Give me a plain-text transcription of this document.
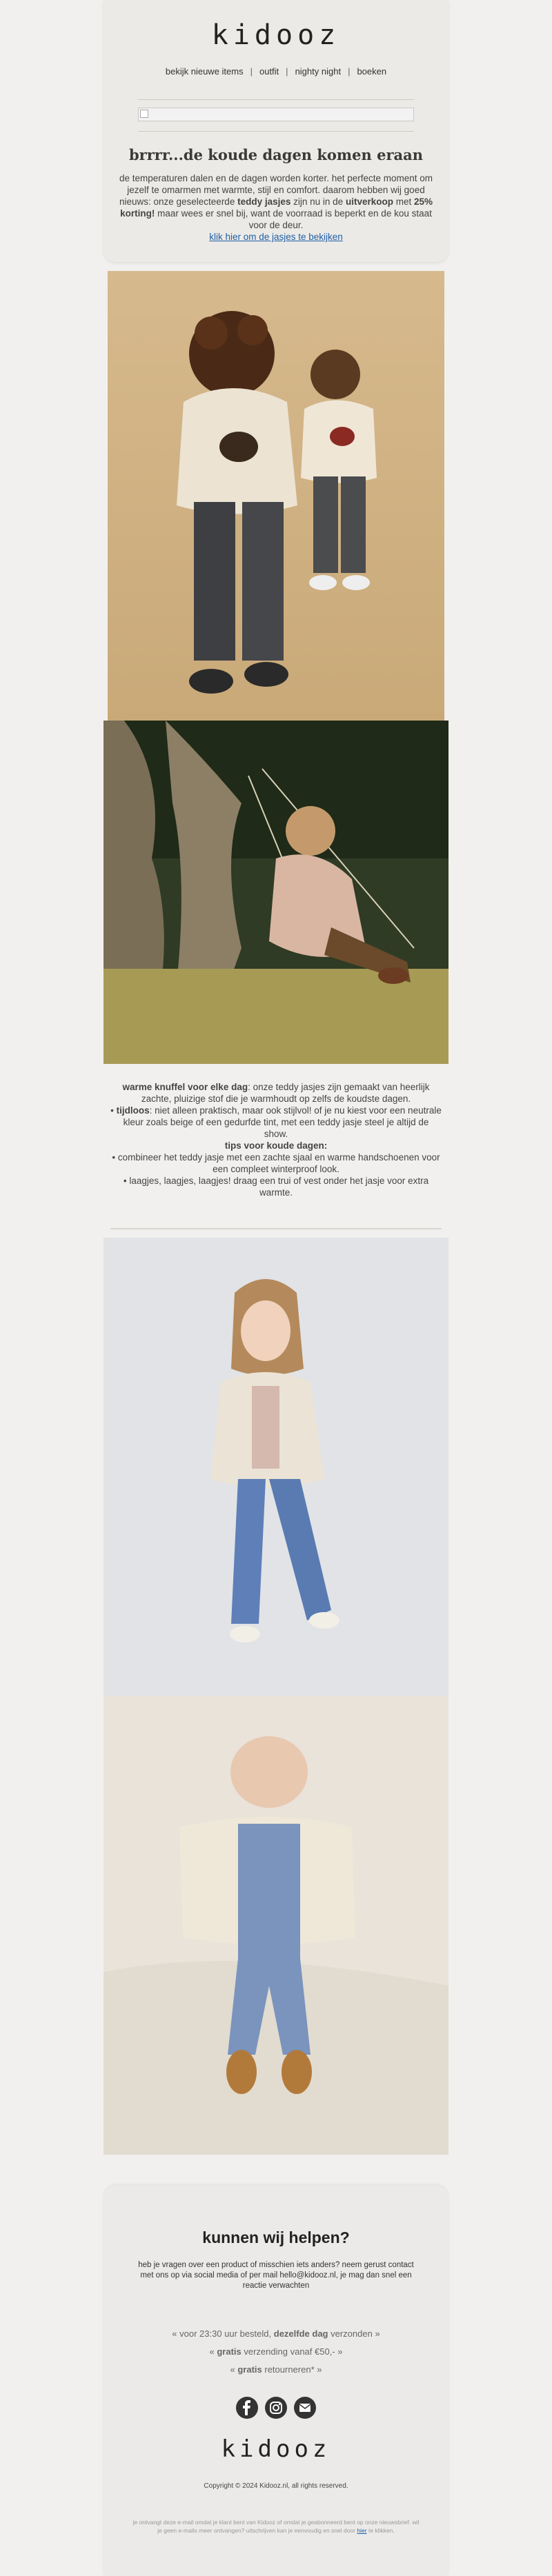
kidooz
bekijk nieuwe items | outfit | nighty night | boeken
brrrr...de koude dagen komen eraan
de temperaturen dalen en de dagen worden korter. het perfecte moment om jezelf te omarmen met warmte, stijl en comfort. daarom hebben wij goed nieuws: onze geselecteerde teddy jasjes zijn nu in de uitverkoop met 25% korting! maar wees er snel bij, want de voorraad is beperkt en de kou staat voor de deur.
klik hier om de jasjes te bekijken
warme knuffel voor elke dag: onze teddy jasjes zijn gemaakt van heerlijk zachte, pluizige stof die je warmhoudt op zelfs de koudste dagen.
• tijdloos: niet alleen praktisch, maar ook stijlvol! of je nu kiest voor een neutrale kleur zoals beige of een gedurfde tint, met een teddy jasje steel je altijd de show.
tips voor koude dagen:
• combineer het teddy jasje met een zachte sjaal en warme handschoenen voor een compleet winterproof look.
• laagjes, laagjes, laagjes! draag een trui of vest onder het jasje voor extra warmte.
kunnen wij helpen?
heb je vragen over een product of misschien iets anders? neem gerust contact met ons op via social media of per mail hello@kidooz.nl, je mag dan snel een reactie verwachten
« voor 23:30 uur besteld, dezelfde dag verzonden »
« gratis verzending vanaf €50,- »
« gratis retourneren* »

kidooz
Copyright © 2024 Kidooz.nl, all rights reserved.
je ontvangt deze e-mail omdat je klant bent van Kidooz of omdat je geabonneerd bent op onze nieuwsbrief. wil je geen e-mails meer ontvangen? uitschrijven kan je eenvoudig en snel door hier te klikken.
